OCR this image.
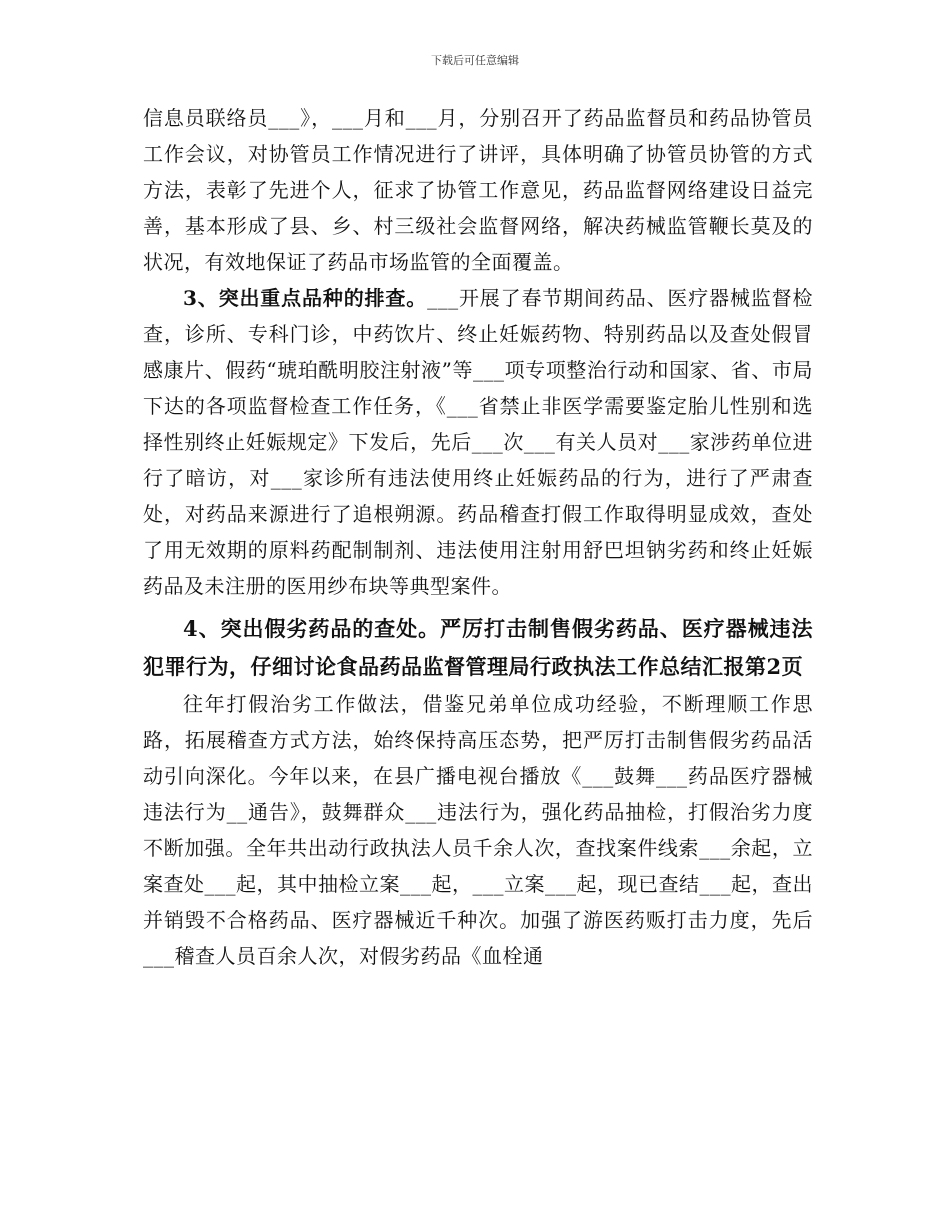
下载后可任意编辑

信息员联络员___》，___月和___月，分别召开了药品监督员和药品协管员工作会议，对协管员工作情况进行了讲评，具体明确了协管员协管的方式方法，表彰了先进个人，征求了协管工作意见，药品监督网络建设日益完善，基本形成了县、乡、村三级社会监督网络，解决药械监管鞭长莫及的状况，有效地保证了药品市场监管的全面覆盖。

3、突出重点品种的排查。___开展了春节期间药品、医疗器械监督检查，诊所、专科门诊，中药饮片、终止妊娠药物、特别药品以及查处假冒感康片、假药“琥珀酰明胶注射液”等___项专项整治行动和国家、省、市局下达的各项监督检查工作任务，《___省禁止非医学需要鉴定胎儿性别和选择性别终止妊娠规定》下发后，先后___次___有关人员对___家涉药单位进行了暗访，对___家诊所有违法使用终止妊娠药品的行为，进行了严肃查处，对药品来源进行了追根朔源。药品稽查打假工作取得明显成效，查处了用无效期的原料药配制制剂、违法使用注射用舒巴坦钠劣药和终止妊娠药品及未注册的医用纱布块等典型案件。

4、突出假劣药品的查处。严厉打击制售假劣药品、医疗器械违法犯罪行为，仔细讨论食品药品监督管理局行政执法工作总结汇报第2页

往年打假治劣工作做法，借鉴兄弟单位成功经验，不断理顺工作思路，拓展稽查方式方法，始终保持高压态势，把严厉打击制售假劣药品活动引向深化。今年以来，在县广播电视台播放《___鼓舞___药品医疗器械违法行为__通告》，鼓舞群众___违法行为，强化药品抽检，打假治劣力度不断加强。全年共出动行政执法人员千余人次，查找案件线索___余起，立案查处___起，其中抽检立案___起，___立案___起，现已查结___起，查出并销毁不合格药品、医疗器械近千种次。加强了游医药贩打击力度，先后___稽查人员百余人次，对假劣药品《血栓通
